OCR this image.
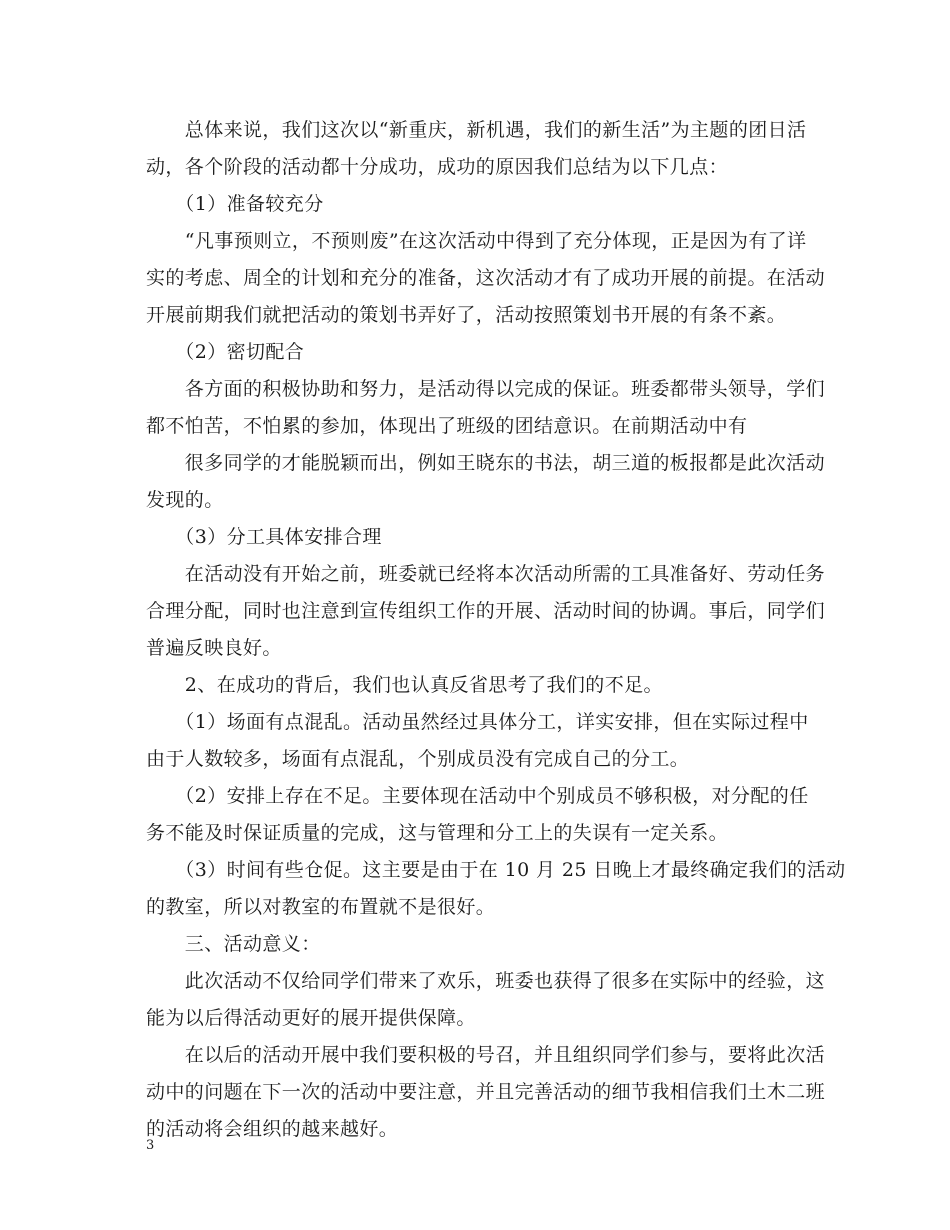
　　总体来说，我们这次以“新重庆，新机遇，我们的新生活”为主题的团日活

动，各个阶段的活动都十分成功，成功的原因我们总结为以下几点：

　　（1）准备较充分

　　“凡事预则立，不预则废”在这次活动中得到了充分体现，正是因为有了详

实的考虑、周全的计划和充分的准备，这次活动才有了成功开展的前提。在活动

开展前期我们就把活动的策划书弄好了，活动按照策划书开展的有条不紊。

　　（2）密切配合

　　各方面的积极协助和努力，是活动得以完成的保证。班委都带头领导，学们

都不怕苦，不怕累的参加，体现出了班级的团结意识。在前期活动中有

　　很多同学的才能脱颖而出，例如王晓东的书法，胡三道的板报都是此次活动

发现的。

　　（3）分工具体安排合理

　　在活动没有开始之前，班委就已经将本次活动所需的工具准备好、劳动任务

合理分配，同时也注意到宣传组织工作的开展、活动时间的协调。事后，同学们

普遍反映良好。

　　2、在成功的背后，我们也认真反省思考了我们的不足。

　　（1）场面有点混乱。活动虽然经过具体分工，详实安排，但在实际过程中

由于人数较多，场面有点混乱，个别成员没有完成自己的分工。

　　（2）安排上存在不足。主要体现在活动中个别成员不够积极，对分配的任

务不能及时保证质量的完成，这与管理和分工上的失误有一定关系。

　　（3）时间有些仓促。这主要是由于在 10 月 25 日晚上才最终确定我们的活动

的教室，所以对教室的布置就不是很好。

　　三、活动意义：

　　此次活动不仅给同学们带来了欢乐，班委也获得了很多在实际中的经验，这

能为以后得活动更好的展开提供保障。

　　在以后的活动开展中我们要积极的号召，并且组织同学们参与，要将此次活

动中的问题在下一次的活动中要注意，并且完善活动的细节我相信我们土木二班

的活动将会组织的越来越好。

3
